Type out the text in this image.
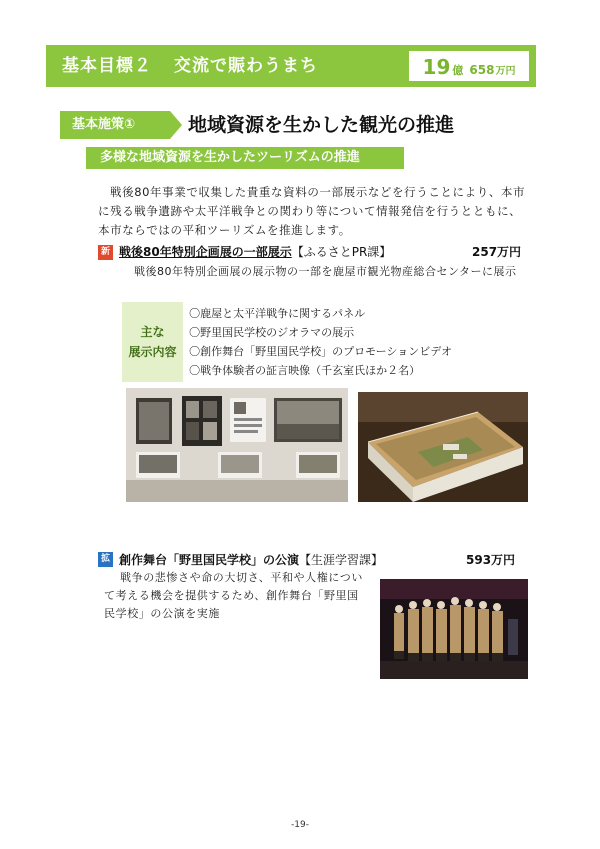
基本目標２ 交流で賑わうまち	19 億 658 万円
基本施策①	地域資源を生かした観光の推進
多様な地域資源を生かしたツーリズムの推進

戦後80年事業で収集した貴重な資料の一部展示などを行うことにより、本市に残る戦争遺跡や太平洋戦争との関わり等について情報発信を行うとともに、本市ならではの平和ツーリズムを推進します。

新 戦後80年特別企画展の一部展示【ふるさとPR課】	257万円

戦後80年特別企画展の展示物の一部を鹿屋市観光物産総合センターに展示

主な
展示内容
〇鹿屋と太平洋戦争に関するパネル
〇野里国民学校のジオラマの展示
〇創作舞台「野里国民学校」のプロモーションビデオ
〇戦争体験者の証言映像（千玄室氏ほか２名）
拡 創作舞台「野里国民学校」の公演【生涯学習課】	593万円

戦争の悲惨さや命の大切さ、平和や人権について考える機会を提供するため、創作舞台「野里国民学校」の公演を実施

-19-
